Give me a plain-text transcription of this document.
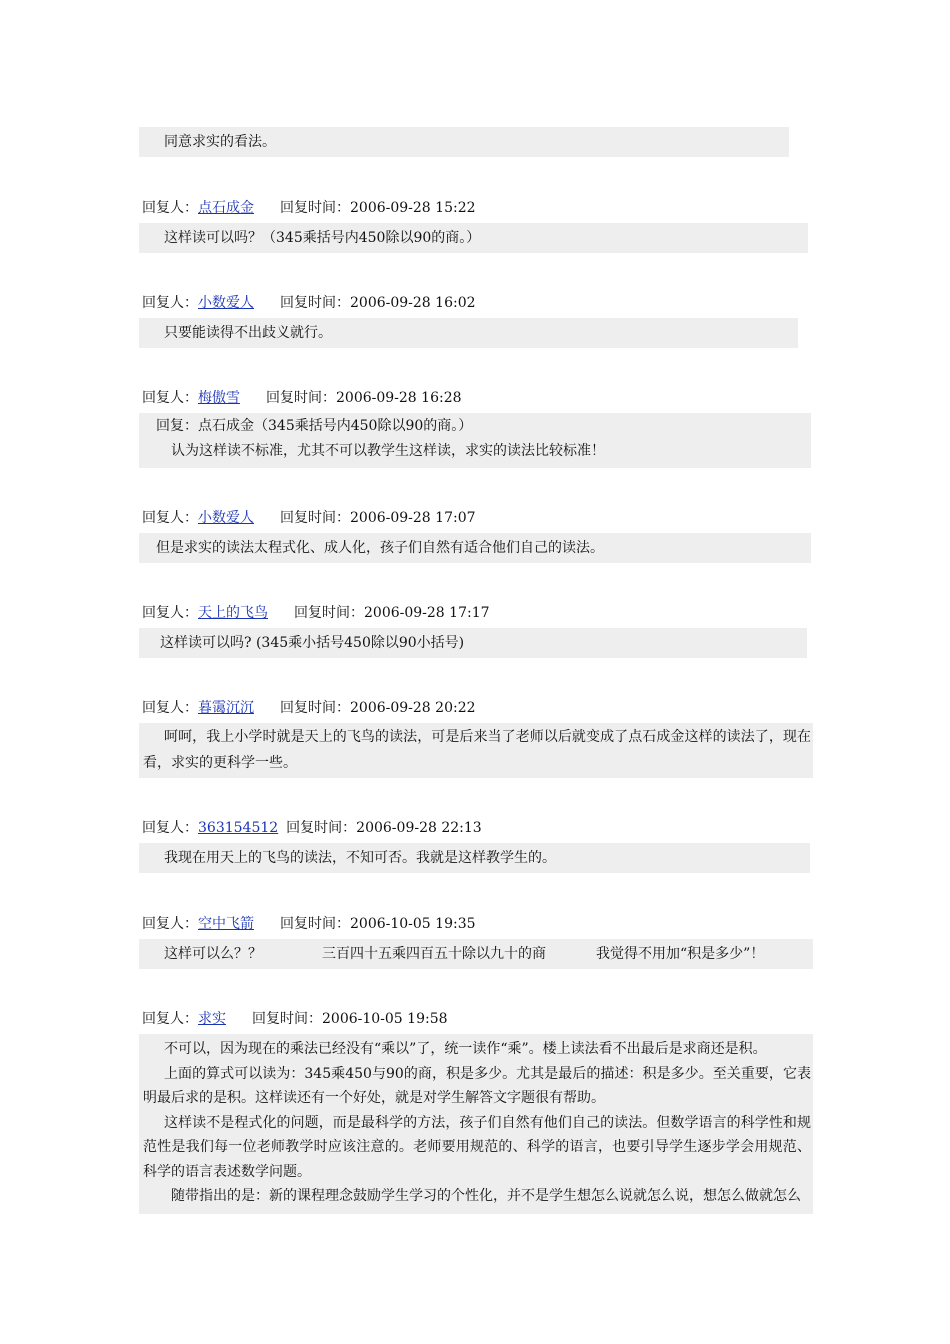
同意求实的看法。

回复人：点石成金 回复时间：2006-09-28 15:22

这样读可以吗？（345乘括号内450除以90的商。）

回复人：小数爱人 回复时间：2006-09-28 16:02

只要能读得不出歧义就行。

回复人：梅傲雪 回复时间：2006-09-28 16:28

回复：点石成金（345乘括号内450除以90的商。）

认为这样读不标准，尤其不可以教学生这样读，求实的读法比较标准！

回复人：小数爱人 回复时间：2006-09-28 17:07

但是求实的读法太程式化、成人化，孩子们自然有适合他们自己的读法。

回复人：天上的飞鸟 回复时间：2006-09-28 17:17

这样读可以吗? (345乘小括号450除以90小括号)

回复人：暮霭沉沉 回复时间：2006-09-28 20:22

呵呵，我上小学时就是天上的飞鸟的读法，可是后来当了老师以后就变成了点石成金这样的读法了，现在看，求实的更科学一些。

回复人：363154512 回复时间：2006-09-28 22:13

我现在用天上的飞鸟的读法，不知可否。我就是这样教学生的。

回复人：空中飞箭 回复时间：2006-10-05 19:35

这样可以么？？	三百四十五乘四百五十除以九十的商	我觉得不用加“积是多少”！

回复人：求实 回复时间：2006-10-05 19:58

不可以，因为现在的乘法已经没有“乘以”了，统一读作“乘”。楼上读法看不出最后是求商还是积。

上面的算式可以读为：345乘450与90的商，积是多少。尤其是最后的描述：积是多少。至关重要，它表明最后求的是积。这样读还有一个好处，就是对学生解答文字题很有帮助。

这样读不是程式化的问题，而是最科学的方法，孩子们自然有他们自己的读法。但数学语言的科学性和规范性是我们每一位老师教学时应该注意的。老师要用规范的、科学的语言，也要引导学生逐步学会用规范、科学的语言表述数学问题。

随带指出的是：新的课程理念鼓励学生学习的个性化，并不是学生想怎么说就怎么说，想怎么做就怎么
